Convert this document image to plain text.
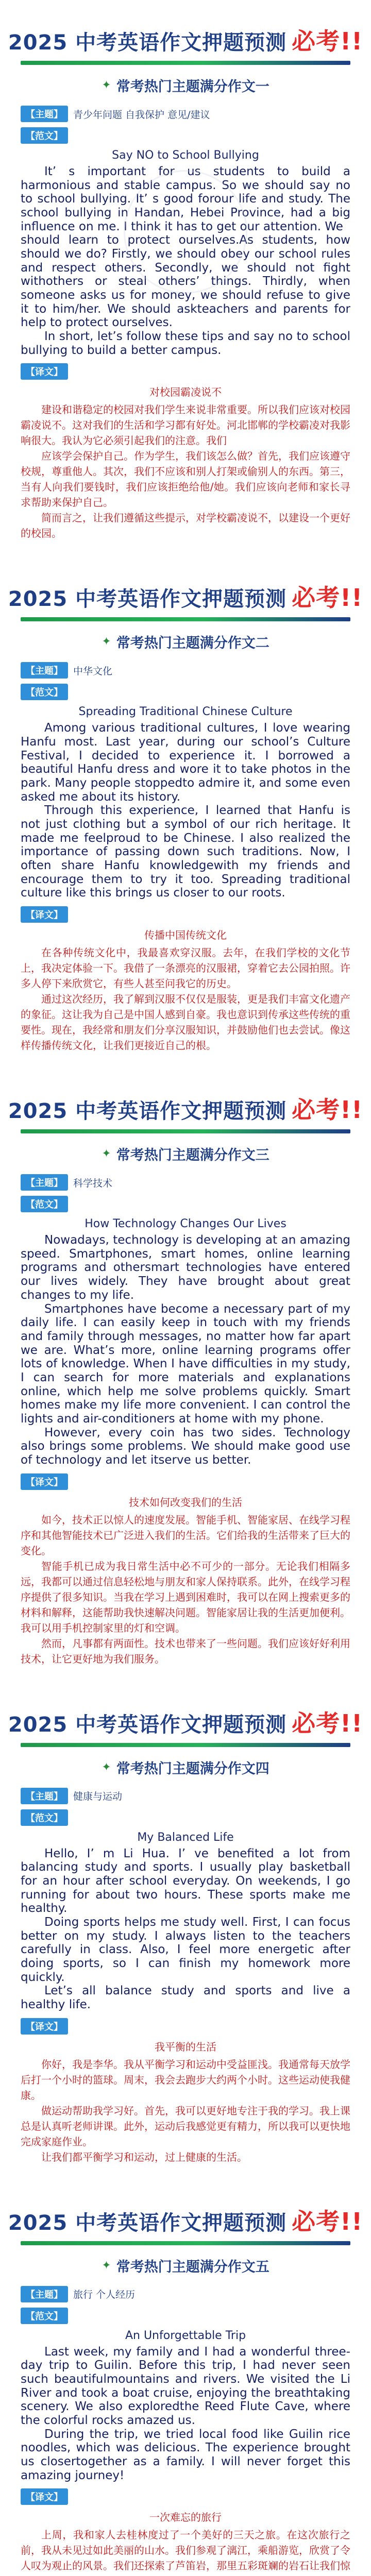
2025 中考英语作文押题预测 必考!!
✦ 常考热门主题满分作文一
【主题】	青少年问题 自我保护 意见/建议
【范文】
Say NO to School Bullying

It’ s important for us students to build a harmonious and stable campus. So we should say no to school bullying. It’ s good forour life and study. The school bullying in Handan, Hebei Province, had a big influence on me. I think it has to get our attention. We

should learn to protect ourselves.As students, how should we do? Firstly, we should obey our school rules and respect others. Secondly, we should not fight withothers or steal others’ things. Thirdly, when someone asks us for money, we should refuse to give it to him/her. We should askteachers and parents for help to protect ourselves.

In short, let’s follow these tips and say no to school bullying to build a better campus.

【译文】
对校园霸凌说不

建设和谐稳定的校园对我们学生来说非常重要。所以我们应该对校园霸凌说不。这对我们的生活和学习都有好处。河北邯郸的学校霸凌对我影响很大。我认为它必须引起我们的注意。我们

应该学会保护自己。作为学生，我们该怎么做？首先，我们应该遵守校规，尊重他人。其次，我们不应该和别人打架或偷别人的东西。第三，当有人向我们要钱时，我们应该拒绝给他/她。我们应该向老师和家长寻求帮助来保护自己。

简而言之，让我们遵循这些提示，对学校霸凌说不，以建设一个更好的校园。

2025 中考英语作文押题预测 必考!!
✦ 常考热门主题满分作文二
【主题】	中华文化
【范文】
Spreading Traditional Chinese Culture

Among various traditional cultures, I love wearing Hanfu most. Last year, during our school’s Culture Festival, I decided to experience it. I borrowed a beautiful Hanfu dress and wore it to take photos in the park. Many people stoppedto admire it, and some even asked me about its history.

Through this experience, I learned that Hanfu is not just clothing but a symbol of our rich heritage. It made me feelproud to be Chinese. I also realized the importance of passing down such traditions. Now, I often share Hanfu knowledgewith my friends and encourage them to try it too. Spreading traditional culture like this brings us closer to our roots.

【译文】
传播中国传统文化

在各种传统文化中，我最喜欢穿汉服。去年，在我们学校的文化节上，我决定体验一下。我借了一条漂亮的汉服裙，穿着它去公园拍照。许多人停下来欣赏它，有些人甚至问我它的历史。

通过这次经历，我了解到汉服不仅仅是服装，更是我们丰富文化遗产的象征。这让我为自己是中国人感到自豪。我也意识到传承这些传统的重要性。现在，我经常和朋友们分享汉服知识，并鼓励他们也去尝试。像这样传播传统文化，让我们更接近自己的根。

2025 中考英语作文押题预测 必考!!
✦ 常考热门主题满分作文三
【主题】	科学技术
【范文】
How Technology Changes Our Lives

Nowadays, technology is developing at an amazing speed. Smartphones, smart homes, online learning programs and othersmart technologies have entered our lives widely. They have brought about great changes to my life.

Smartphones have become a necessary part of my daily life. I can easily keep in touch with my friends and family through messages, no matter how far apart we are. What’s more, online learning programs offer lots of knowledge. When I have difficulties in my study, I can search for more materials and explanations online, which help me solve problems quickly. Smart homes make my life more convenient. I can control the lights and air-conditioners at home with my phone.

However, every coin has two sides. Technology also brings some problems. We should make good use of technology and let itserve us better.

【译文】
技术如何改变我们的生活

如今，技术正以惊人的速度发展。智能手机、智能家居、在线学习程序和其他智能技术已广泛进入我们的生活。它们给我的生活带来了巨大的变化。

智能手机已成为我日常生活中必不可少的一部分。无论我们相隔多远，我都可以通过信息轻松地与朋友和家人保持联系。此外，在线学习程序提供了很多知识。当我在学习上遇到困难时，我可以在网上搜索更多的材料和解释，这能帮助我快速解决问题。智能家居让我的生活更加便利。我可以用手机控制家里的灯和空调。

然而，凡事都有两面性。技术也带来了一些问题。我们应该好好利用技术，让它更好地为我们服务。

2025 中考英语作文押题预测 必考!!
✦ 常考热门主题满分作文四
【主题】	健康与运动
【范文】
My Balanced Life

Hello, I’ m Li Hua. I’ ve benefited a lot from balancing study and sports. I usually play basketball for an hour after school everyday. On weekends, I go running for about two hours. These sports make me healthy.

Doing sports helps me study well. First, I can focus better on my study. I always listen to the teachers carefully in class. Also, I feel more energetic after doing sports, so I can finish my homework more quickly.

Let’s all balance study and sports and live a healthy life.

【译文】
我平衡的生活

你好，我是李华。我从平衡学习和运动中受益匪浅。我通常每天放学后打一个小时的篮球。周末，我会去跑步大约两个小时。这些运动使我健康。

做运动帮助我学习好。首先，我可以更好地专注于我的学习。我上课总是认真听老师讲课。此外，运动后我感觉更有精力，所以我可以更快地完成家庭作业。

让我们都平衡学习和运动，过上健康的生活。

2025 中考英语作文押题预测 必考!!
✦ 常考热门主题满分作文五
【主题】	旅行 个人经历
【范文】
An Unforgettable Trip

Last week, my family and I had a wonderful three-day trip to Guilin. Before this trip, I had never seen such beautifulmountains and rivers. We visited the Li River and took a boat cruise, enjoying the breathtaking scenery. We also exploredthe Reed Flute Cave, where the colorful rocks amazed us.

During the trip, we tried local food like Guilin rice noodles, which was delicious. The experience brought us closertogether as a family. I will never forget this amazing journey!

【译文】
一次难忘的旅行

上周，我和家人去桂林度过了一个美好的三天之旅。在这次旅行之前，我从未见过如此美丽的山水。我们参观了漓江，乘船游览，欣赏了令人叹为观止的风景。我们还探索了芦笛岩，那里五彩斑斓的岩石让我们惊
